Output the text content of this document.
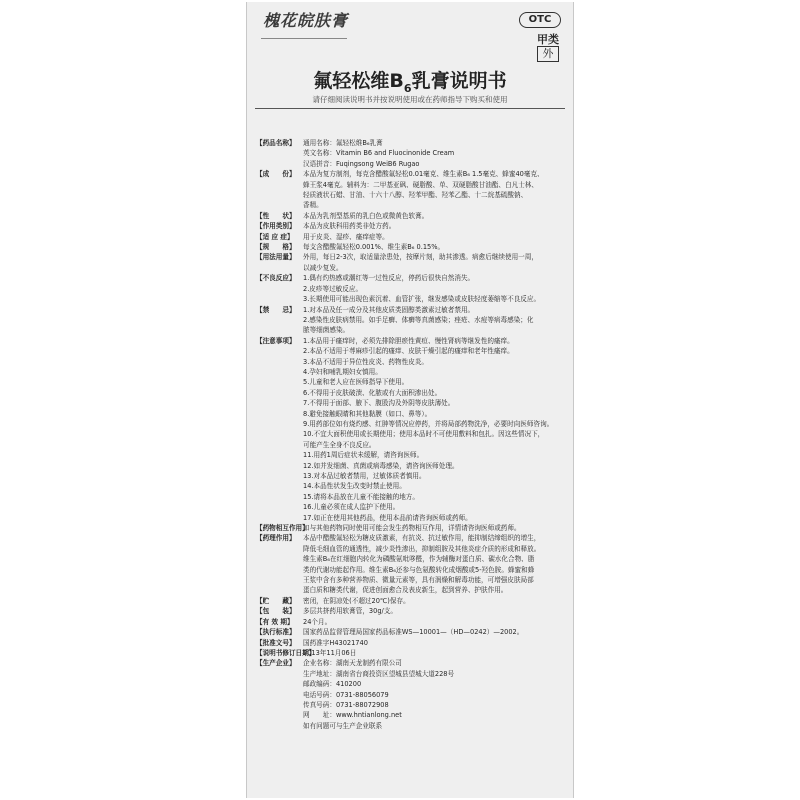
槐花皖肤膏	OTC
甲类
外
氟轻松维$B_6$乳膏说明书
请仔细阅读说明书并按说明使用或在药师指导下购买和使用
【药品名称】	通用名称：氟轻松维B₆乳膏
英文名称：Vitamin B6 and Fluocinonide Cream
汉语拼音：Fuqingsong WeiB6 Rugao
【成　　份】	本品为复方制剂，每克含醋酸氟轻松0.01毫克、维生素B₆ 1.5毫克、蜂蜜40毫克、
蜂王浆4毫克。辅料为：二甲基亚砜、硬脂酸、单、双硬脂酸甘油酯、白凡士林、
轻质液状石蜡、甘油、十六十八醇、羟苯甲酯、羟苯乙酯、十二烷基硫酸钠、
香精。
【性　　状】	本品为乳剂型基质的乳白色或微黄色软膏。
【作用类别】	本品为皮肤科用药类非处方药。
【适 应 症】	用于皮炎、湿疹、瘙痒症等。
【规　　格】	每支含醋酸氟轻松0.001%、维生素B₆ 0.15%。
【用法用量】	外用，每日2-3次，取适量涂患处，按摩片刻，助其渗透。病愈后继续使用一周，
以减少复发。
【不良反应】	1.偶有灼热感或潮红等一过性反应，停药后很快自然消失。
2.皮疹等过敏反应。
3.长期使用可能出现色素沉着、血管扩张，继发感染或皮肤轻度萎缩等不良反应。
【禁　　忌】	1.对本品及任一成分及其他皮质类固醇类激素过敏者禁用。
2.感染性皮肤病禁用。如手足癣、体癣等真菌感染；痤疮、水痘等病毒感染；化
脓等细菌感染。
【注意事项】	1.本品用于瘙痒时，必须先排除胆瘀性黄疸、慢性肾病等继发性的瘙痒。
2.本品不适用于荨麻疹引起的瘙痒、皮肤干燥引起的瘙痒和老年性瘙痒。
3.本品不适用于异位性皮炎、药物性皮炎。
4.孕妇和哺乳期妇女慎用。
5.儿童和老人应在医师指导下使用。
6.不得用于皮肤破溃、化脓或有大面积渗出处。
7.不得用于面部、腋下、腹股沟及外阴等皮肤薄处。
8.避免接触眼睛和其他黏膜（如口、鼻等）。
9.用药部位如有烧灼感、红肿等情况应停药，并将局部药物洗净，必要时向医师咨询。
10.不宜大面积使用或长期使用；使用本品时不可使用敷料和包扎。因这些情况下，
可能产生全身不良反应。
11.用药1周后症状未缓解，请咨询医师。
12.如并发细菌、真菌或病毒感染，请咨询医师处理。
13.对本品过敏者禁用，过敏体质者慎用。
14.本品性状发生改变时禁止使用。
15.请将本品放在儿童不能接触的地方。
16.儿童必须在成人监护下使用。
17.如正在使用其他药品，使用本品前请咨询医师或药师。
【药物相互作用】
如与其他药物同时使用可能会发生药物相互作用，详情请咨询医师或药师。
【药理作用】	本品中醋酸氟轻松为糖皮质激素，有抗炎、抗过敏作用，能抑制结缔组织的增生，
降低毛细血管的通透性，减少炎性渗出，抑制组胺及其他炎症介质的形成和释放。
维生素B₆在红细胞内转化为磷酸氨吡哆醛，作为辅酶对蛋白质、碳水化合物、脂
类的代谢功能起作用。维生素B₆还参与色氨酸转化成烟酸或5-羟色胺。蜂蜜和蜂
王浆中含有多种营养物质、微量元素等，具有润燥和解毒功能，可增强皮肤局部
蛋白质和糖类代谢，促进创面愈合及表皮新生，起到营养、护肤作用。
【贮　　藏】	密闭，在阴凉处(不超过20℃)保存。
【包　　装】	多层共挤药用软膏管，30g/支。
【有 效 期】	24个月。
【执行标准】	国家药品监督管理局国家药品标准WS—10001—（HD—0242）—2002。
【批准文号】	国药准字H43021740
【说明书修订日期】
2013年11月06日
【生产企业】	企业名称：湖南天龙制药有限公司
生产地址：湖南省台商投资区望城县望城大道228号
邮政编码：410200
电话号码：0731-88056079
传真号码：0731-88072908
网　　址：www.hntianlong.net
如有问题可与生产企业联系
